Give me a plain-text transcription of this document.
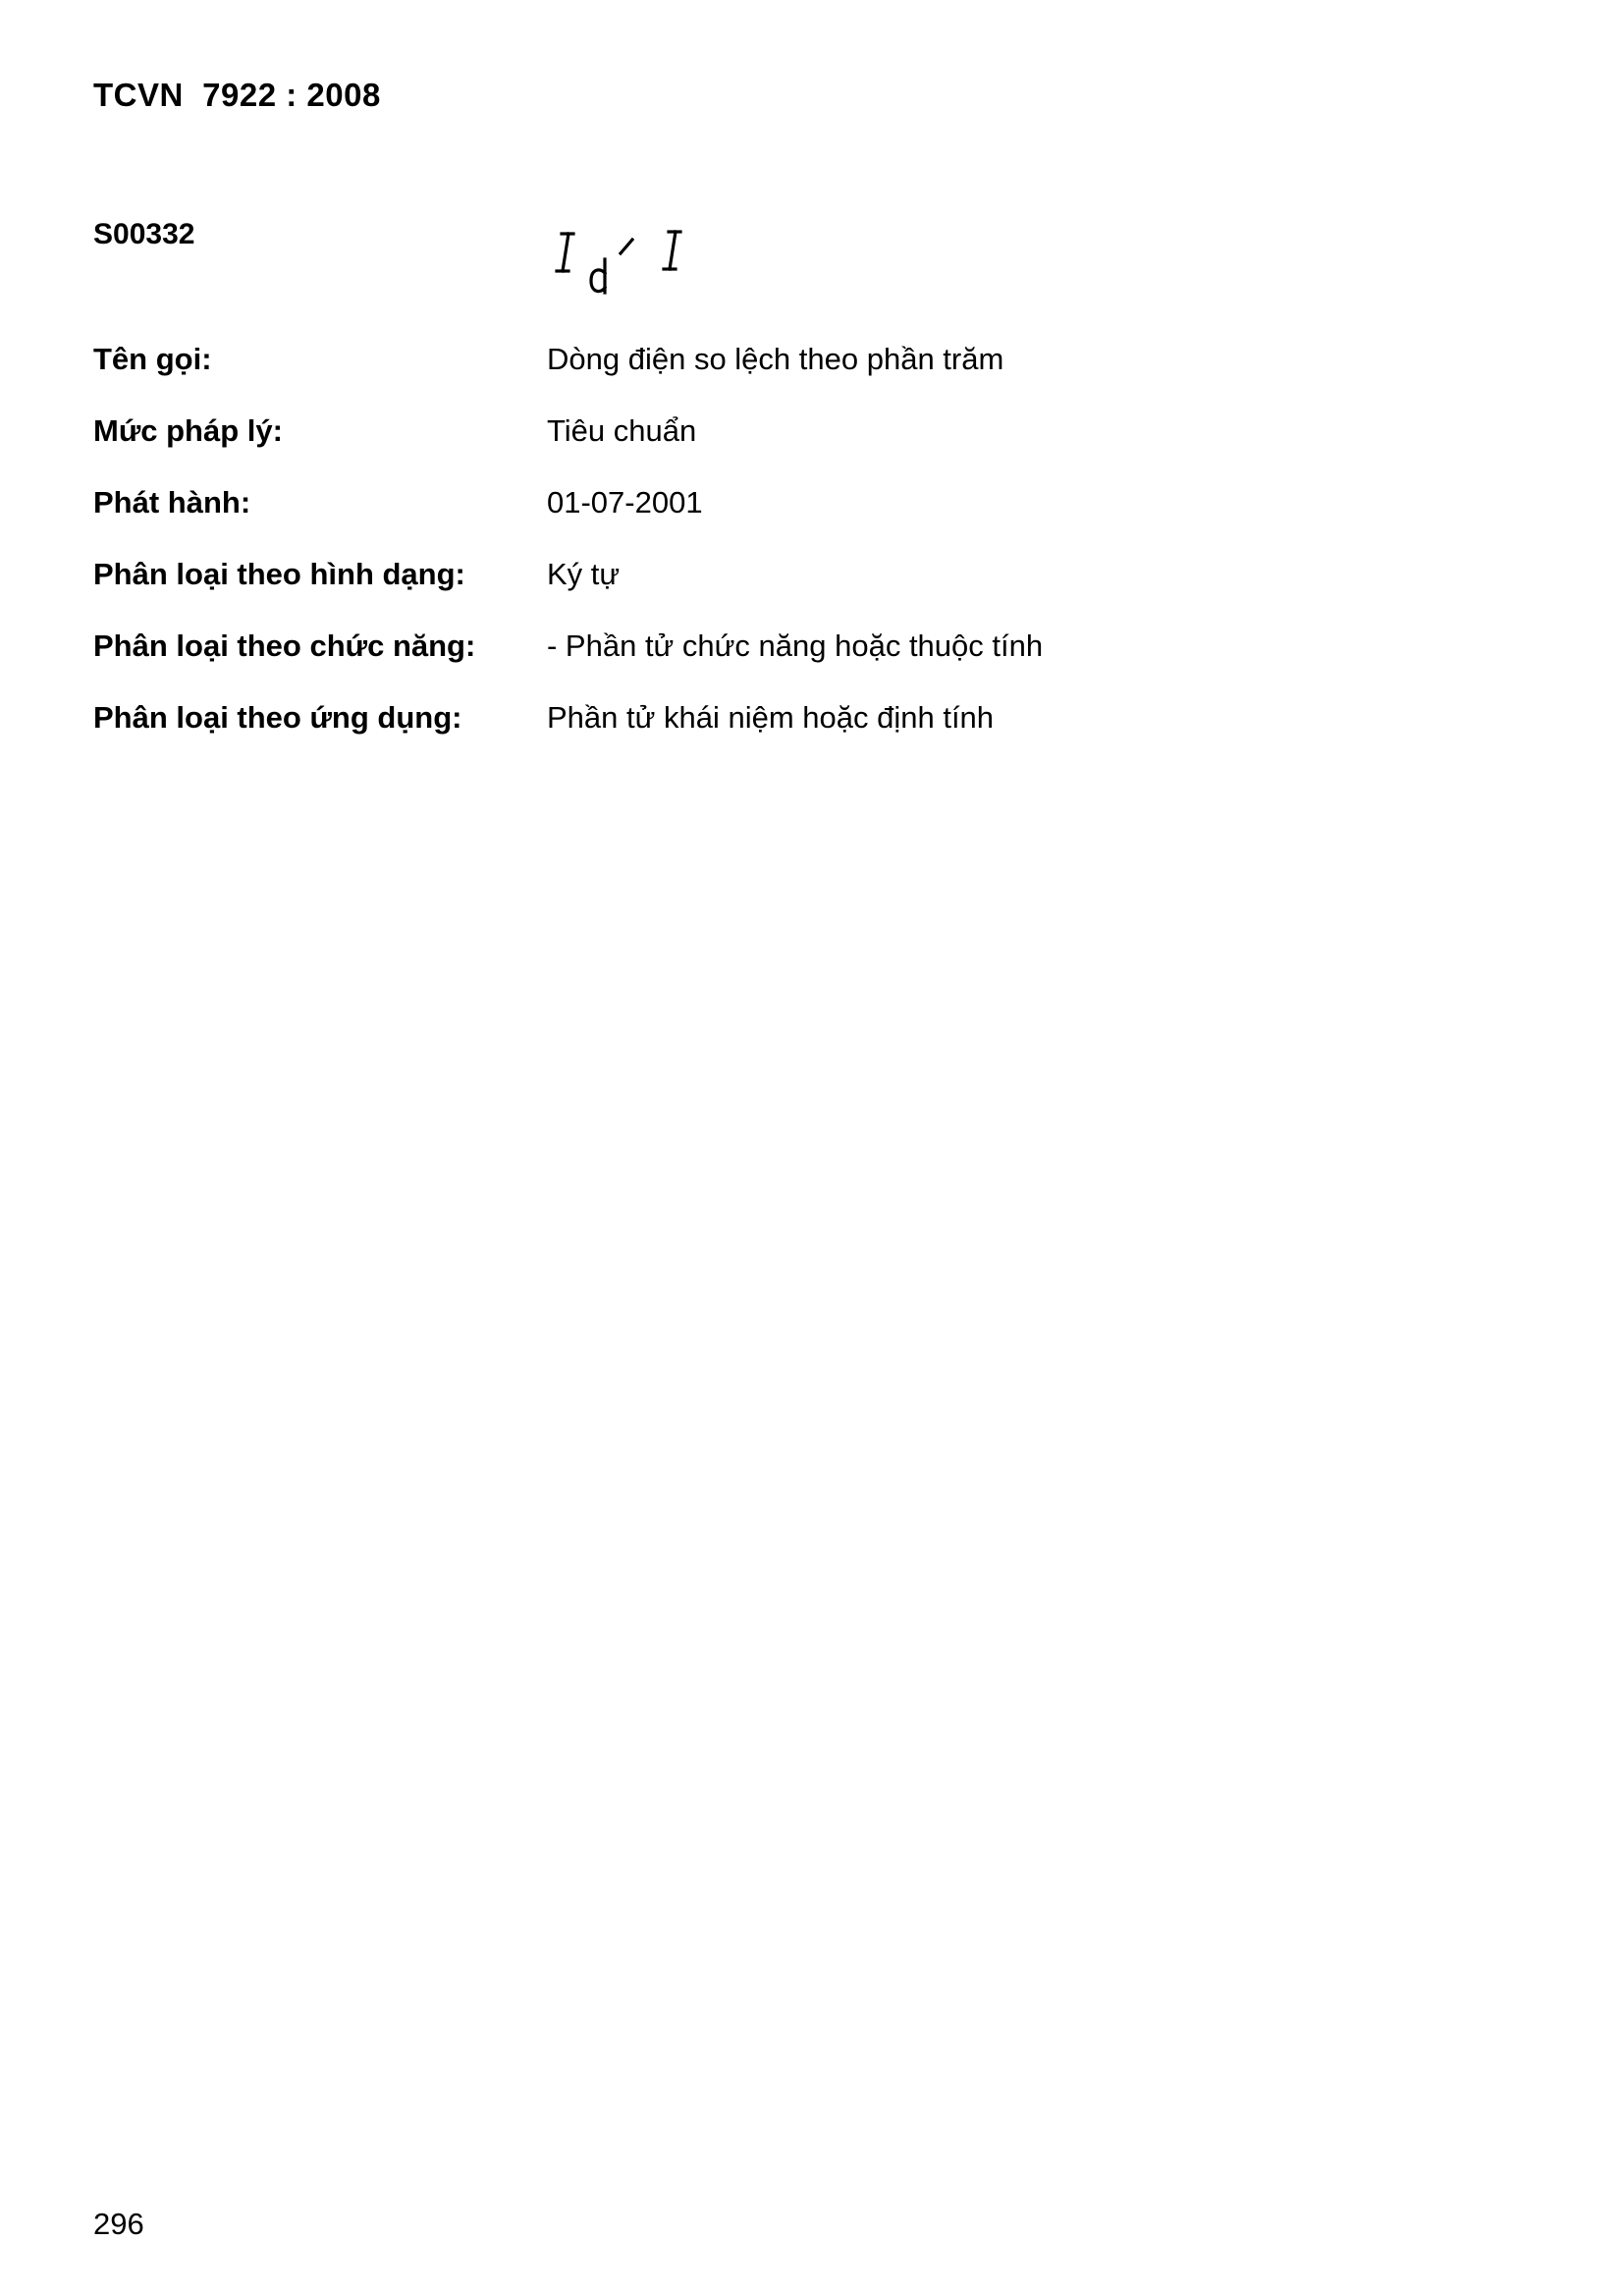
TCVN  7922 : 2008
S00332
Tên gọi:	Dòng điện so lệch theo phần trăm
Mức pháp lý:	Tiêu chuẩn
Phát hành:	01-07-2001
Phân loại theo hình dạng:	Ký tự
Phân loại theo chức năng: - Phần tử chức năng hoặc thuộc tính
Phân loại theo ứng dụng:	Phần tử khái niệm hoặc định tính
296
